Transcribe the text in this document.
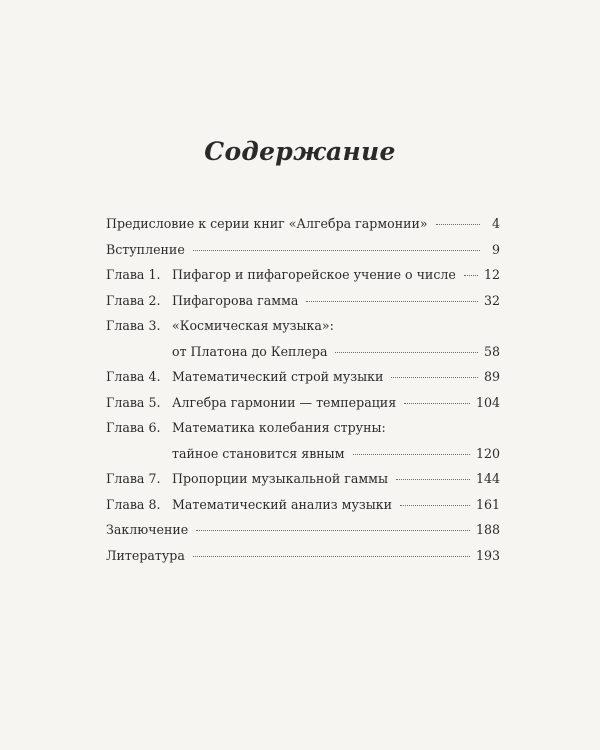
Содержание
Предисловие к серии книг «Алгебра гармонии»	4
Вступление	9
Глава 1. Пифагор и пифагорейское учение о числе 12
Глава 2. Пифагорова гамма	32
Глава 3. «Космическая музыка»:
от Платона до Кеплера	58
Глава 4. Математический строй музыки	89
Глава 5. Алгебра гармонии — темперация	104
Глава 6. Математика колебания струны:
тайное становится явным	120
Глава 7. Пропорции музыкальной гаммы	144
Глава 8. Математический анализ музыки	161
Заключение	188
Литература	193
